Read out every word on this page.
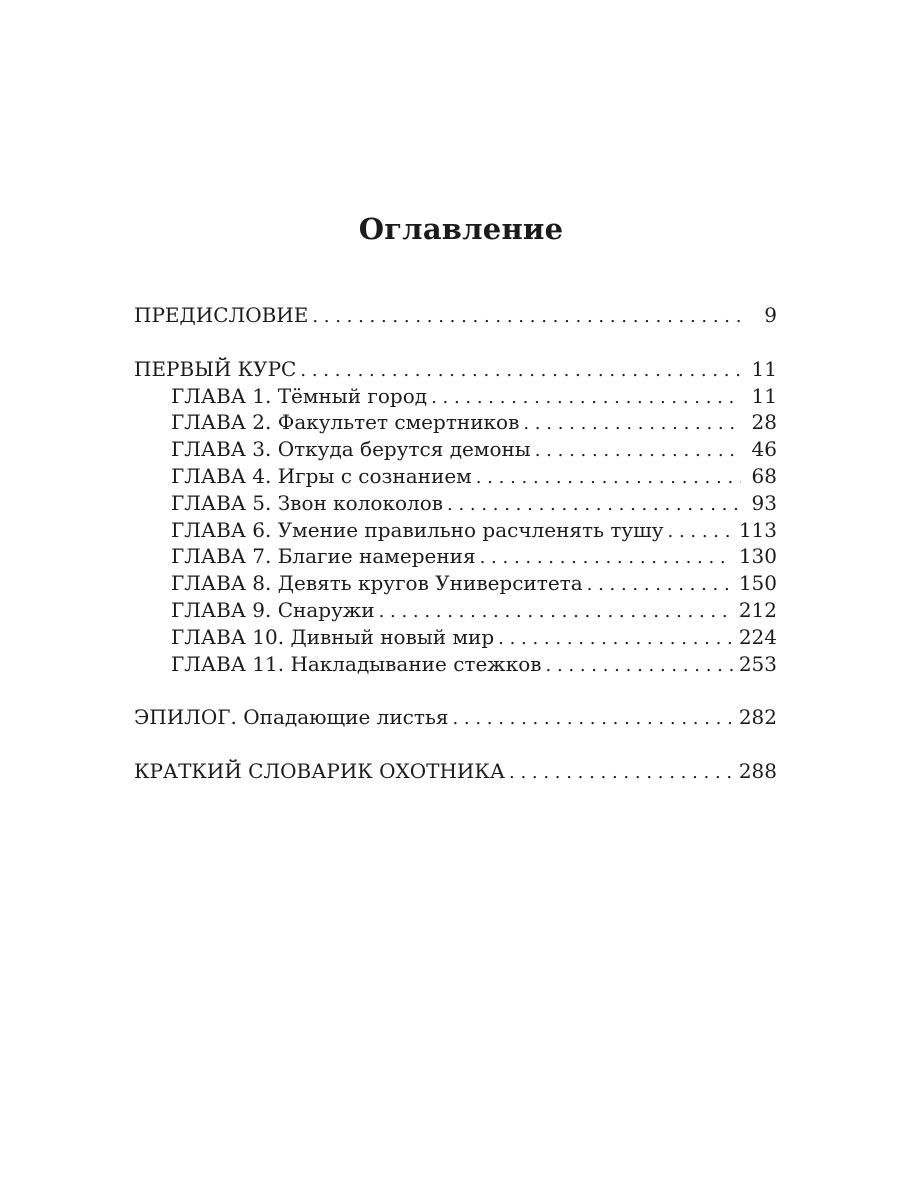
Оглавление
ПРЕДИСЛОВИЕ . . .	9
ПЕРВЫЙ КУРС . . .	11
ГЛАВА 1. Тёмный город . . .	11
ГЛАВА 2. Факультет смертников . . .	28
ГЛАВА 3. Откуда берутся демоны . . .	46
ГЛАВА 4. Игры с сознанием . . .	68
ГЛАВА 5. Звон колоколов . . .	93
ГЛАВА 6. Умение правильно расчленять тушу . . .	113
ГЛАВА 7. Благие намерения . . .	130
ГЛАВА 8. Девять кругов Университета . . .	150
ГЛАВА 9. Снаружи . . .	212
ГЛАВА 10. Дивный новый мир . . .	224
ГЛАВА 11. Накладывание стежков . . .	253
ЭПИЛОГ. Опадающие листья . . .	282
КРАТКИЙ СЛОВАРИК ОХОТНИКА . . .	288
